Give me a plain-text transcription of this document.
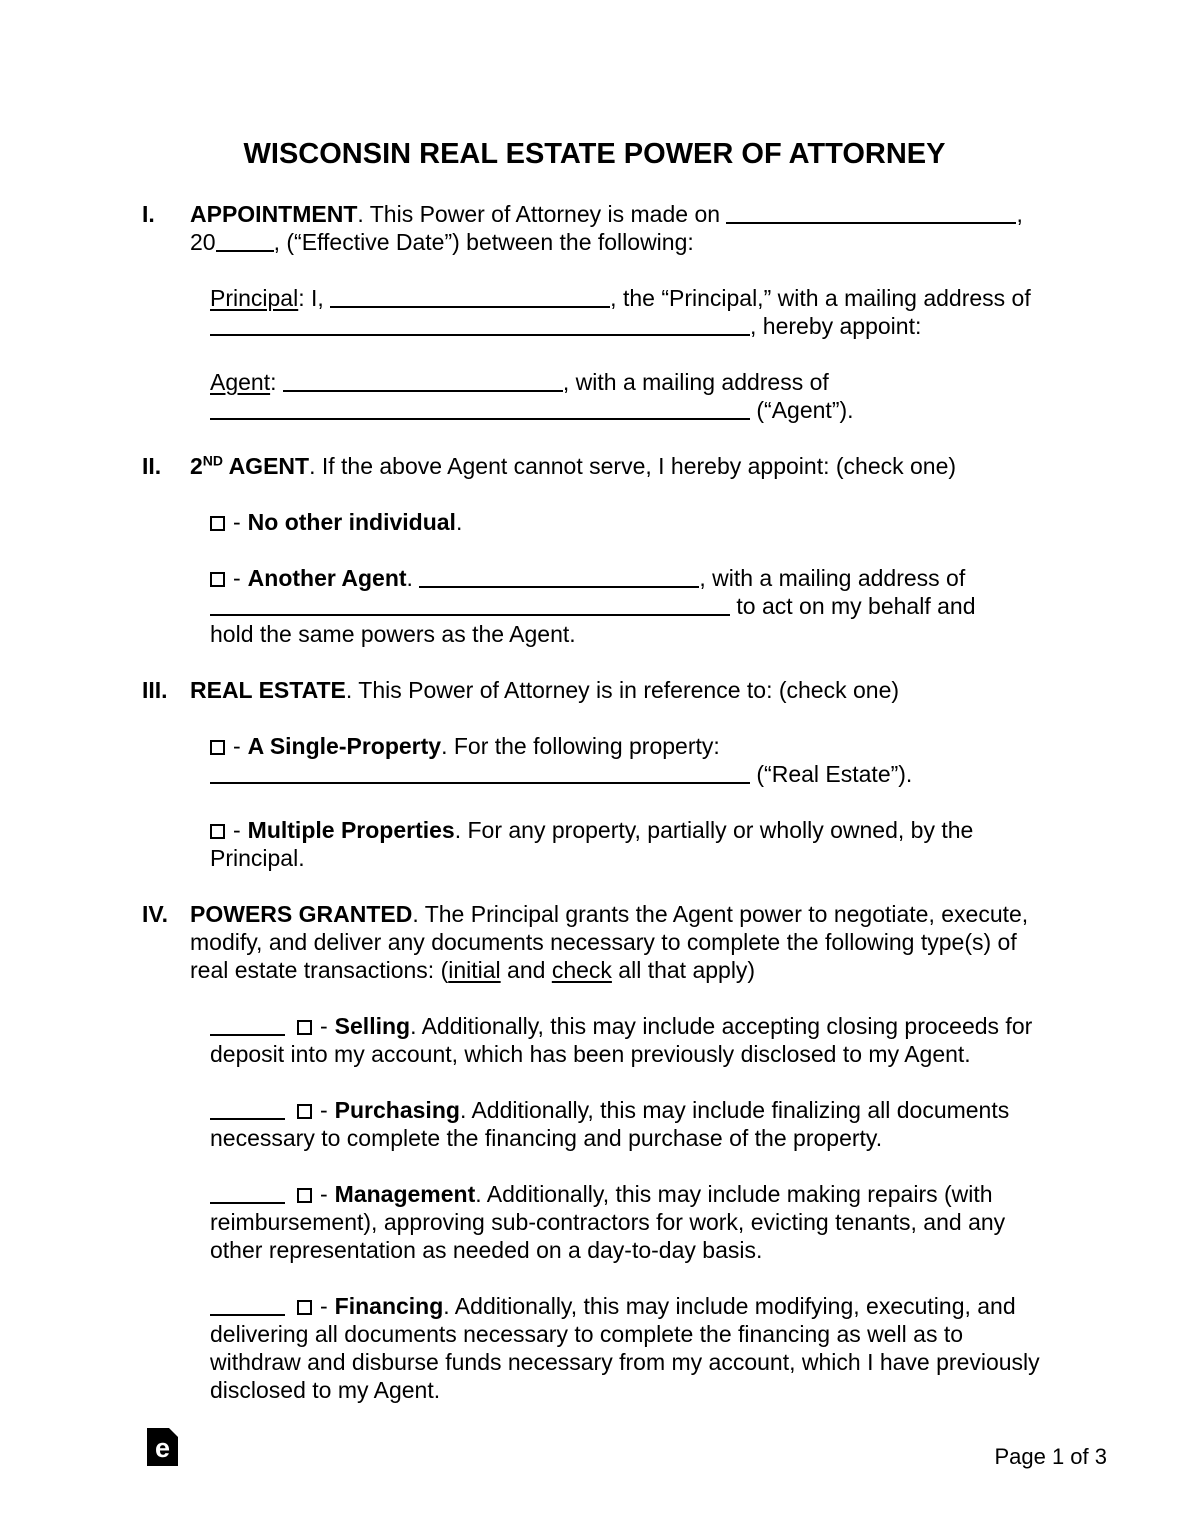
WISCONSIN REAL ESTATE POWER OF ATTORNEY
I.	APPOINTMENT. This Power of Attorney is made on	,
20	, (“Effective Date”) between the following:

Principal: I,	, the “Principal,” with a mailing address of
, hereby appoint:

Agent:	, with a mailing address of
(“Agent”).

II.	2ND AGENT. If the above Agent cannot serve, I hereby appoint: (check one)

- No other individual.

- Another Agent.	, with a mailing address of
to act on my behalf and
hold the same powers as the Agent.

III. REAL ESTATE. This Power of Attorney is in reference to: (check one)

- A Single-Property. For the following property:
(“Real Estate”).

- Multiple Properties. For any property, partially or wholly owned, by the Principal.

IV. POWERS GRANTED. The Principal grants the Agent power to negotiate, execute, modify, and deliver any documents necessary to complete the following type(s) of real estate transactions: (initial and check all that apply)

- Selling. Additionally, this may include accepting closing proceeds for deposit into my account, which has been previously disclosed to my Agent.

- Purchasing. Additionally, this may include finalizing all documents necessary to complete the financing and purchase of the property.

- Management. Additionally, this may include making repairs (with reimbursement), approving sub-contractors for work, evicting tenants, and any other representation as needed on a day-to-day basis.

- Financing. Additionally, this may include modifying, executing, and delivering all documents necessary to complete the financing as well as to withdraw and disburse funds necessary from my account, which I have previously disclosed to my Agent.

e	Page 1 of 3
